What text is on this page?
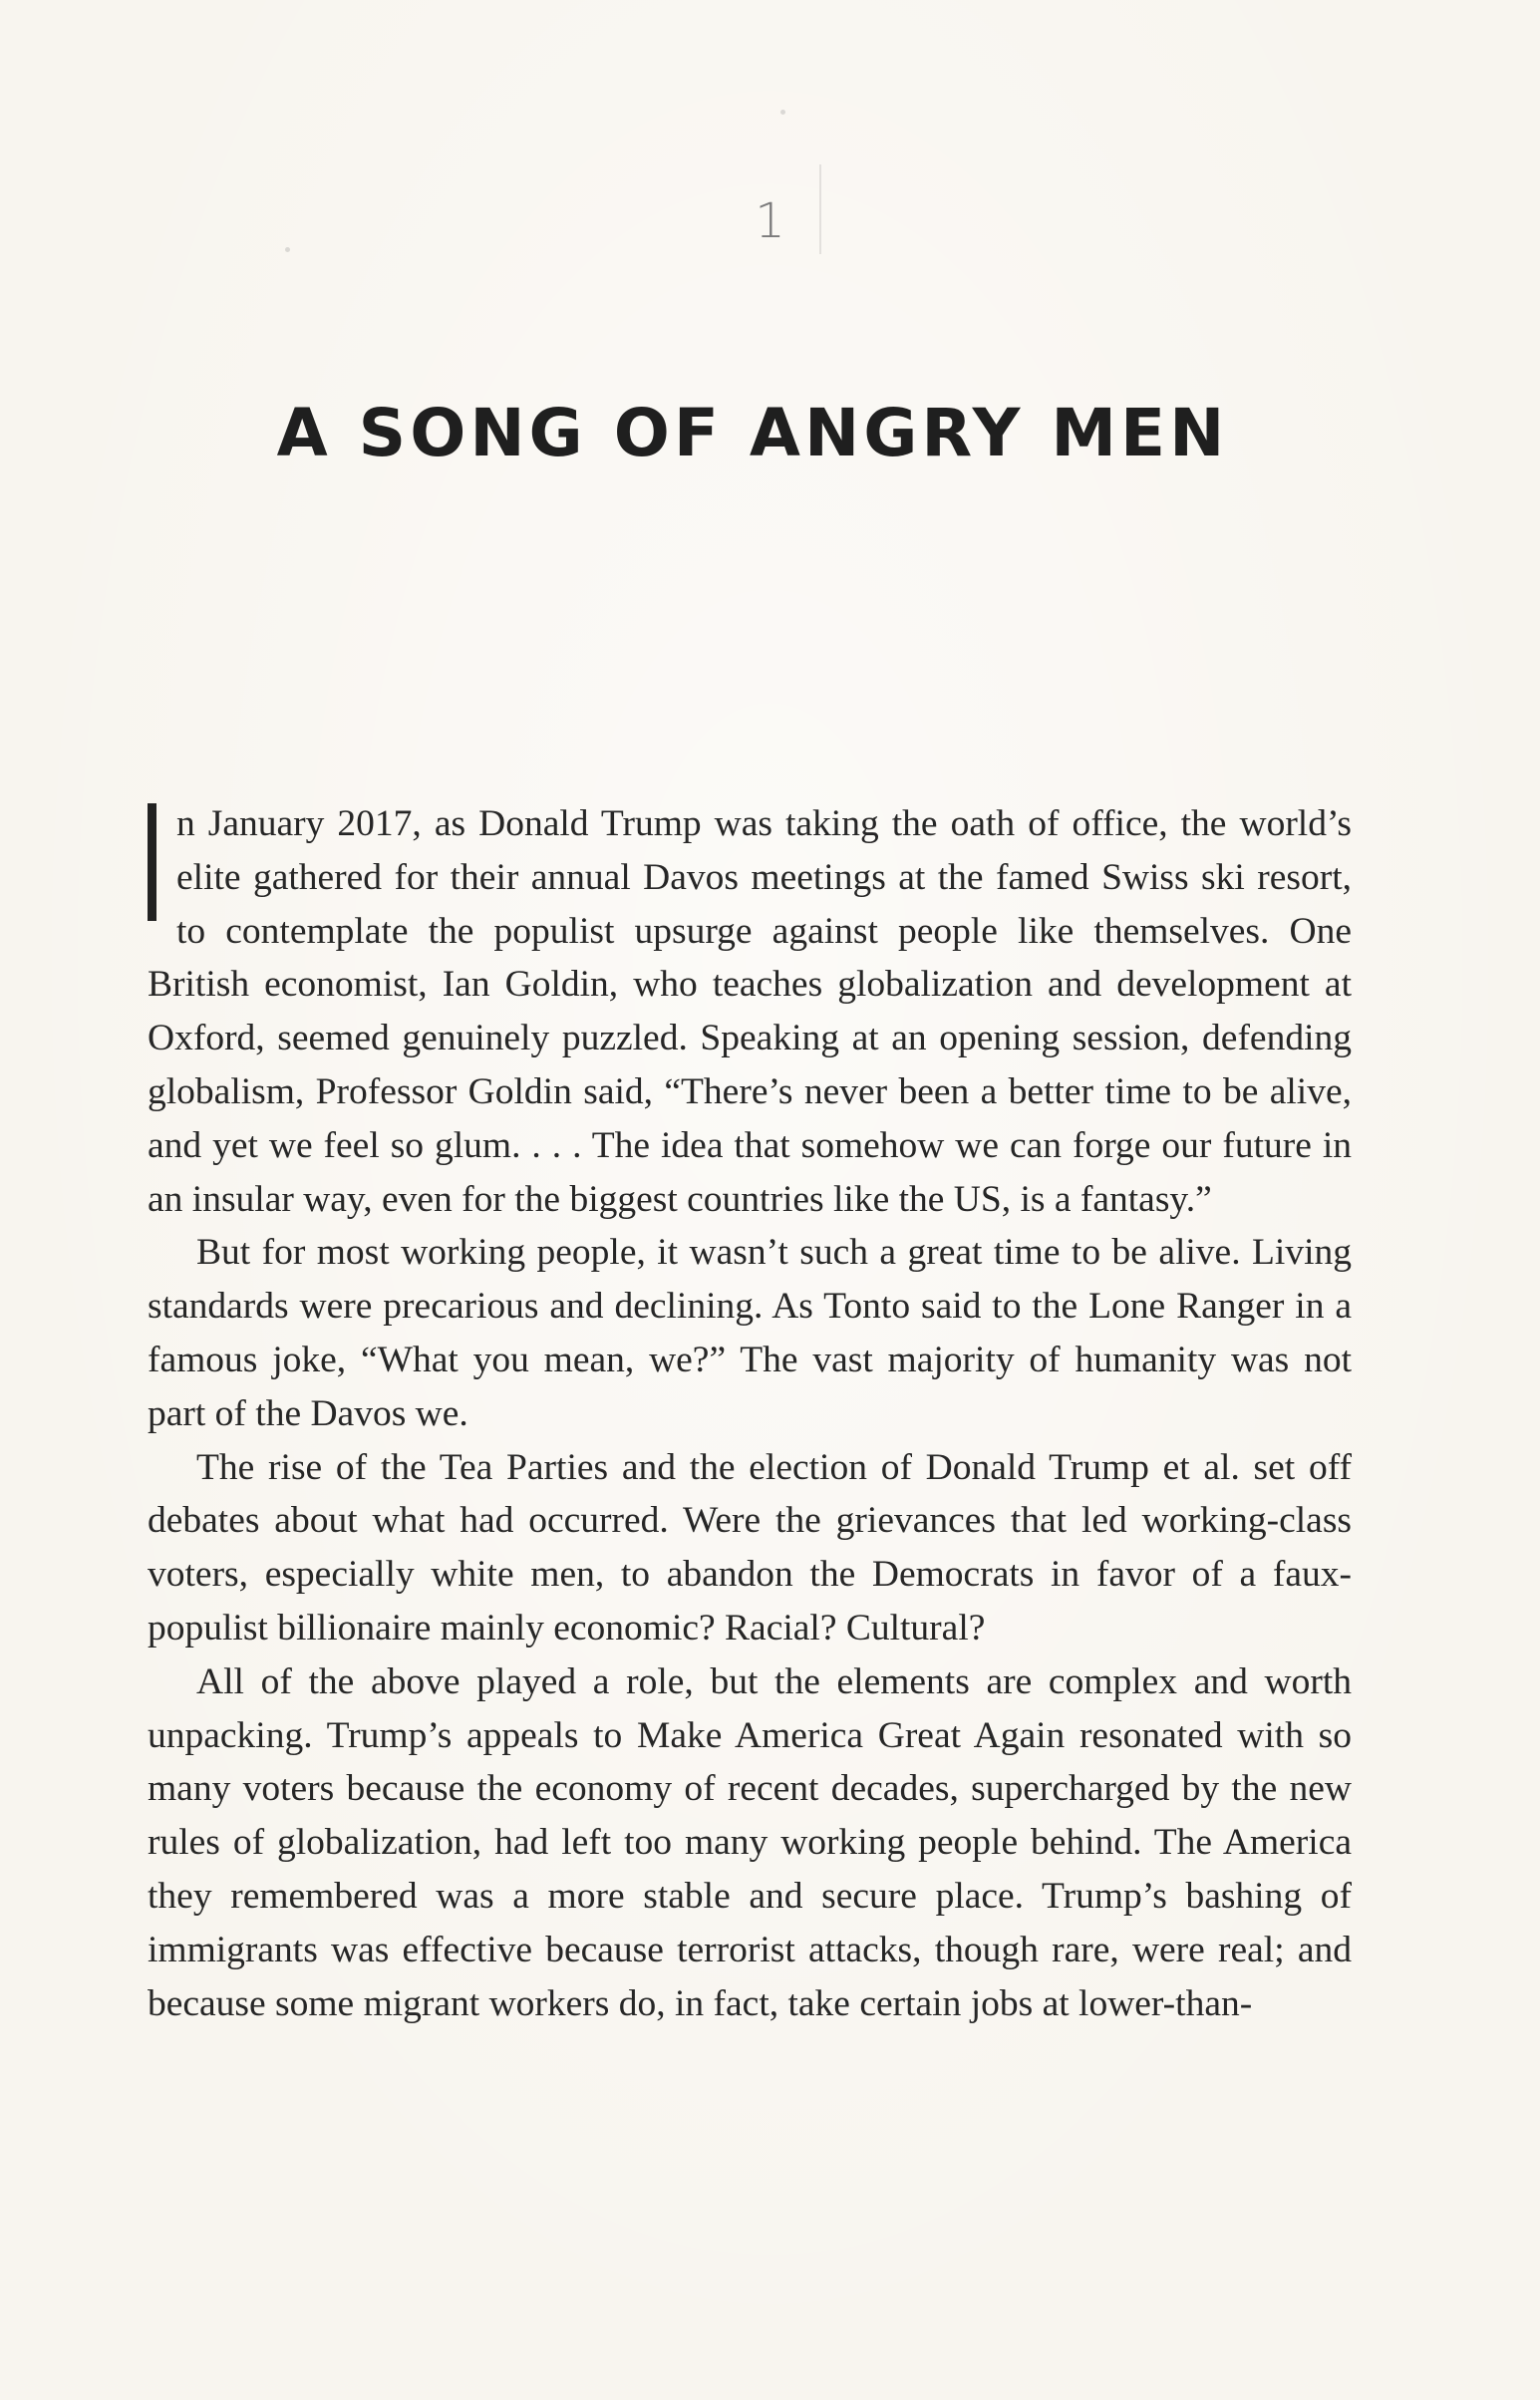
1
A SONG OF ANGRY MEN

n January 2017, as Donald Trump was taking the oath of office, the world’s elite gathered for their annual Davos meetings at the famed Swiss ski resort, to contemplate the populist upsurge against people like themselves. One British economist, Ian Goldin, who teaches globalization and development at Oxford, seemed genuinely puzzled. Speaking at an opening session, defending globalism, Professor Goldin said, “There’s never been a better time to be alive, and yet we feel so glum. . . . The idea that somehow we can forge our future in an insular way, even for the biggest countries like the US, is a fantasy.”

But for most working people, it wasn’t such a great time to be alive. Living standards were precarious and declining. As Tonto said to the Lone Ranger in a famous joke, “What you mean, we?” The vast majority of humanity was not part of the Davos we.

The rise of the Tea Parties and the election of Donald Trump et al. set off debates about what had occurred. Were the grievances that led working-class voters, especially white men, to abandon the Democrats in favor of a faux-populist billionaire mainly economic? Racial? Cultural?

All of the above played a role, but the elements are complex and worth unpacking. Trump’s appeals to Make America Great Again resonated with so many voters because the economy of recent decades, supercharged by the new rules of globalization, had left too many working people behind. The America they remembered was a more stable and secure place. Trump’s bashing of immigrants was effective because terrorist attacks, though rare, were real; and because some migrant workers do, in fact, take certain jobs at lower-than-
